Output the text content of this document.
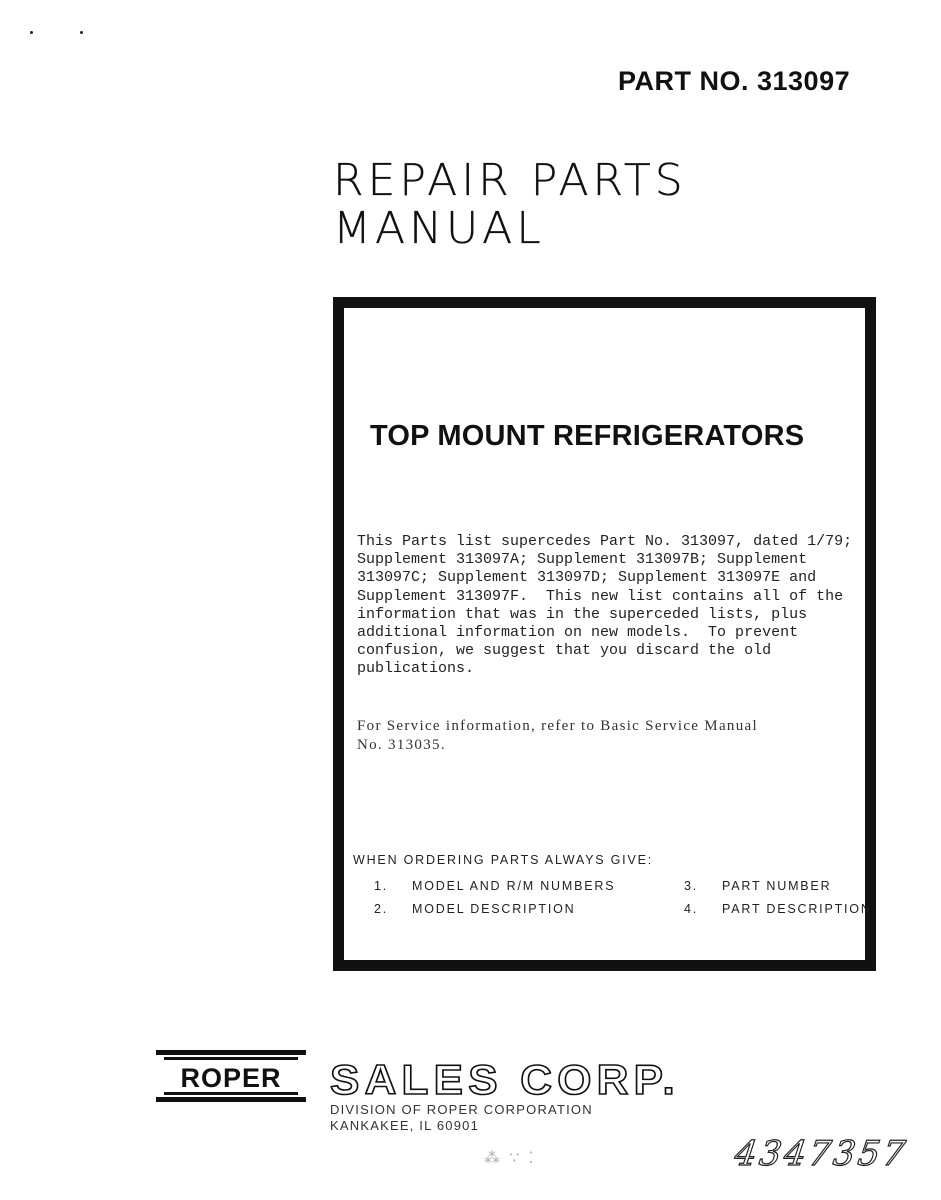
PART NO. 313097
REPAIR PARTS
MANUAL
TOP MOUNT REFRIGERATORS

This Parts list supercedes Part No. 313097, dated 1/79;
Supplement 313097A; Supplement 313097B; Supplement
313097C; Supplement 313097D; Supplement 313097E and
Supplement 313097F.  This new list contains all of the
information that was in the superceded lists, plus
additional information on new models.  To prevent
confusion, we suggest that you discard the old
publications.

For Service information, refer to Basic Service Manual
No. 313035.

WHEN ORDERING PARTS ALWAYS GIVE:
1. MODEL AND R/M NUMBERS
2. MODEL DESCRIPTION
3. PART NUMBER
4. PART DESCRIPTION
ROPER SALES CORP.
DIVISION OF ROPER CORPORATION
KANKAKEE, IL 60901
⁂ ∵ ⁚	4347357
